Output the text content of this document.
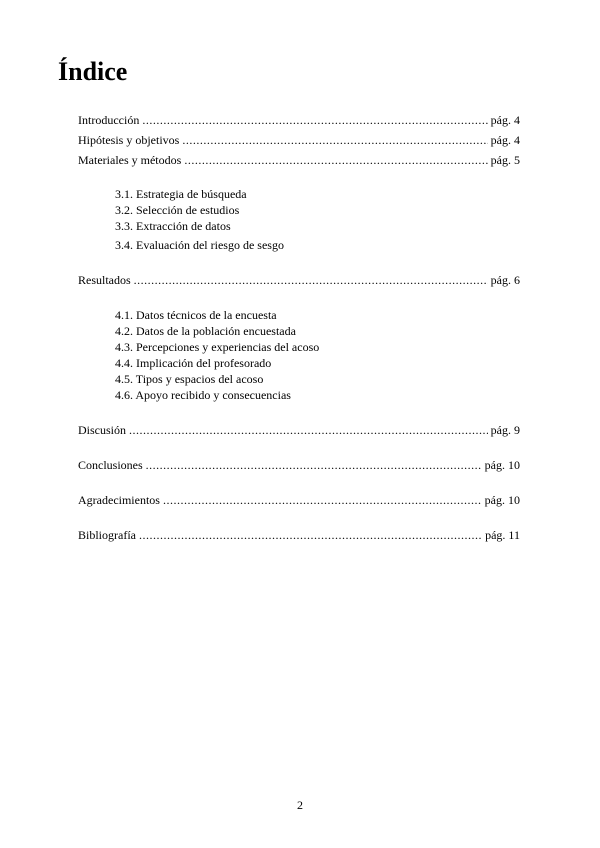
Índice
Introducción .....	pág. 4
Hipótesis y objetivos .....	pág. 4
Materiales y métodos .....	pág. 5
3.1. Estrategia de búsqueda
3.2. Selección de estudios
3.3. Extracción de datos
3.4. Evaluación del riesgo de sesgo
Resultados .....	pág. 6
4.1. Datos técnicos de la encuesta
4.2. Datos de la población encuestada
4.3. Percepciones y experiencias del acoso
4.4. Implicación del profesorado
4.5. Tipos y espacios del acoso
4.6. Apoyo recibido y consecuencias
Discusión .....	pág. 9
Conclusiones .....	pág. 10
Agradecimientos .....	pág. 10
Bibliografía .....	pág. 11
2
